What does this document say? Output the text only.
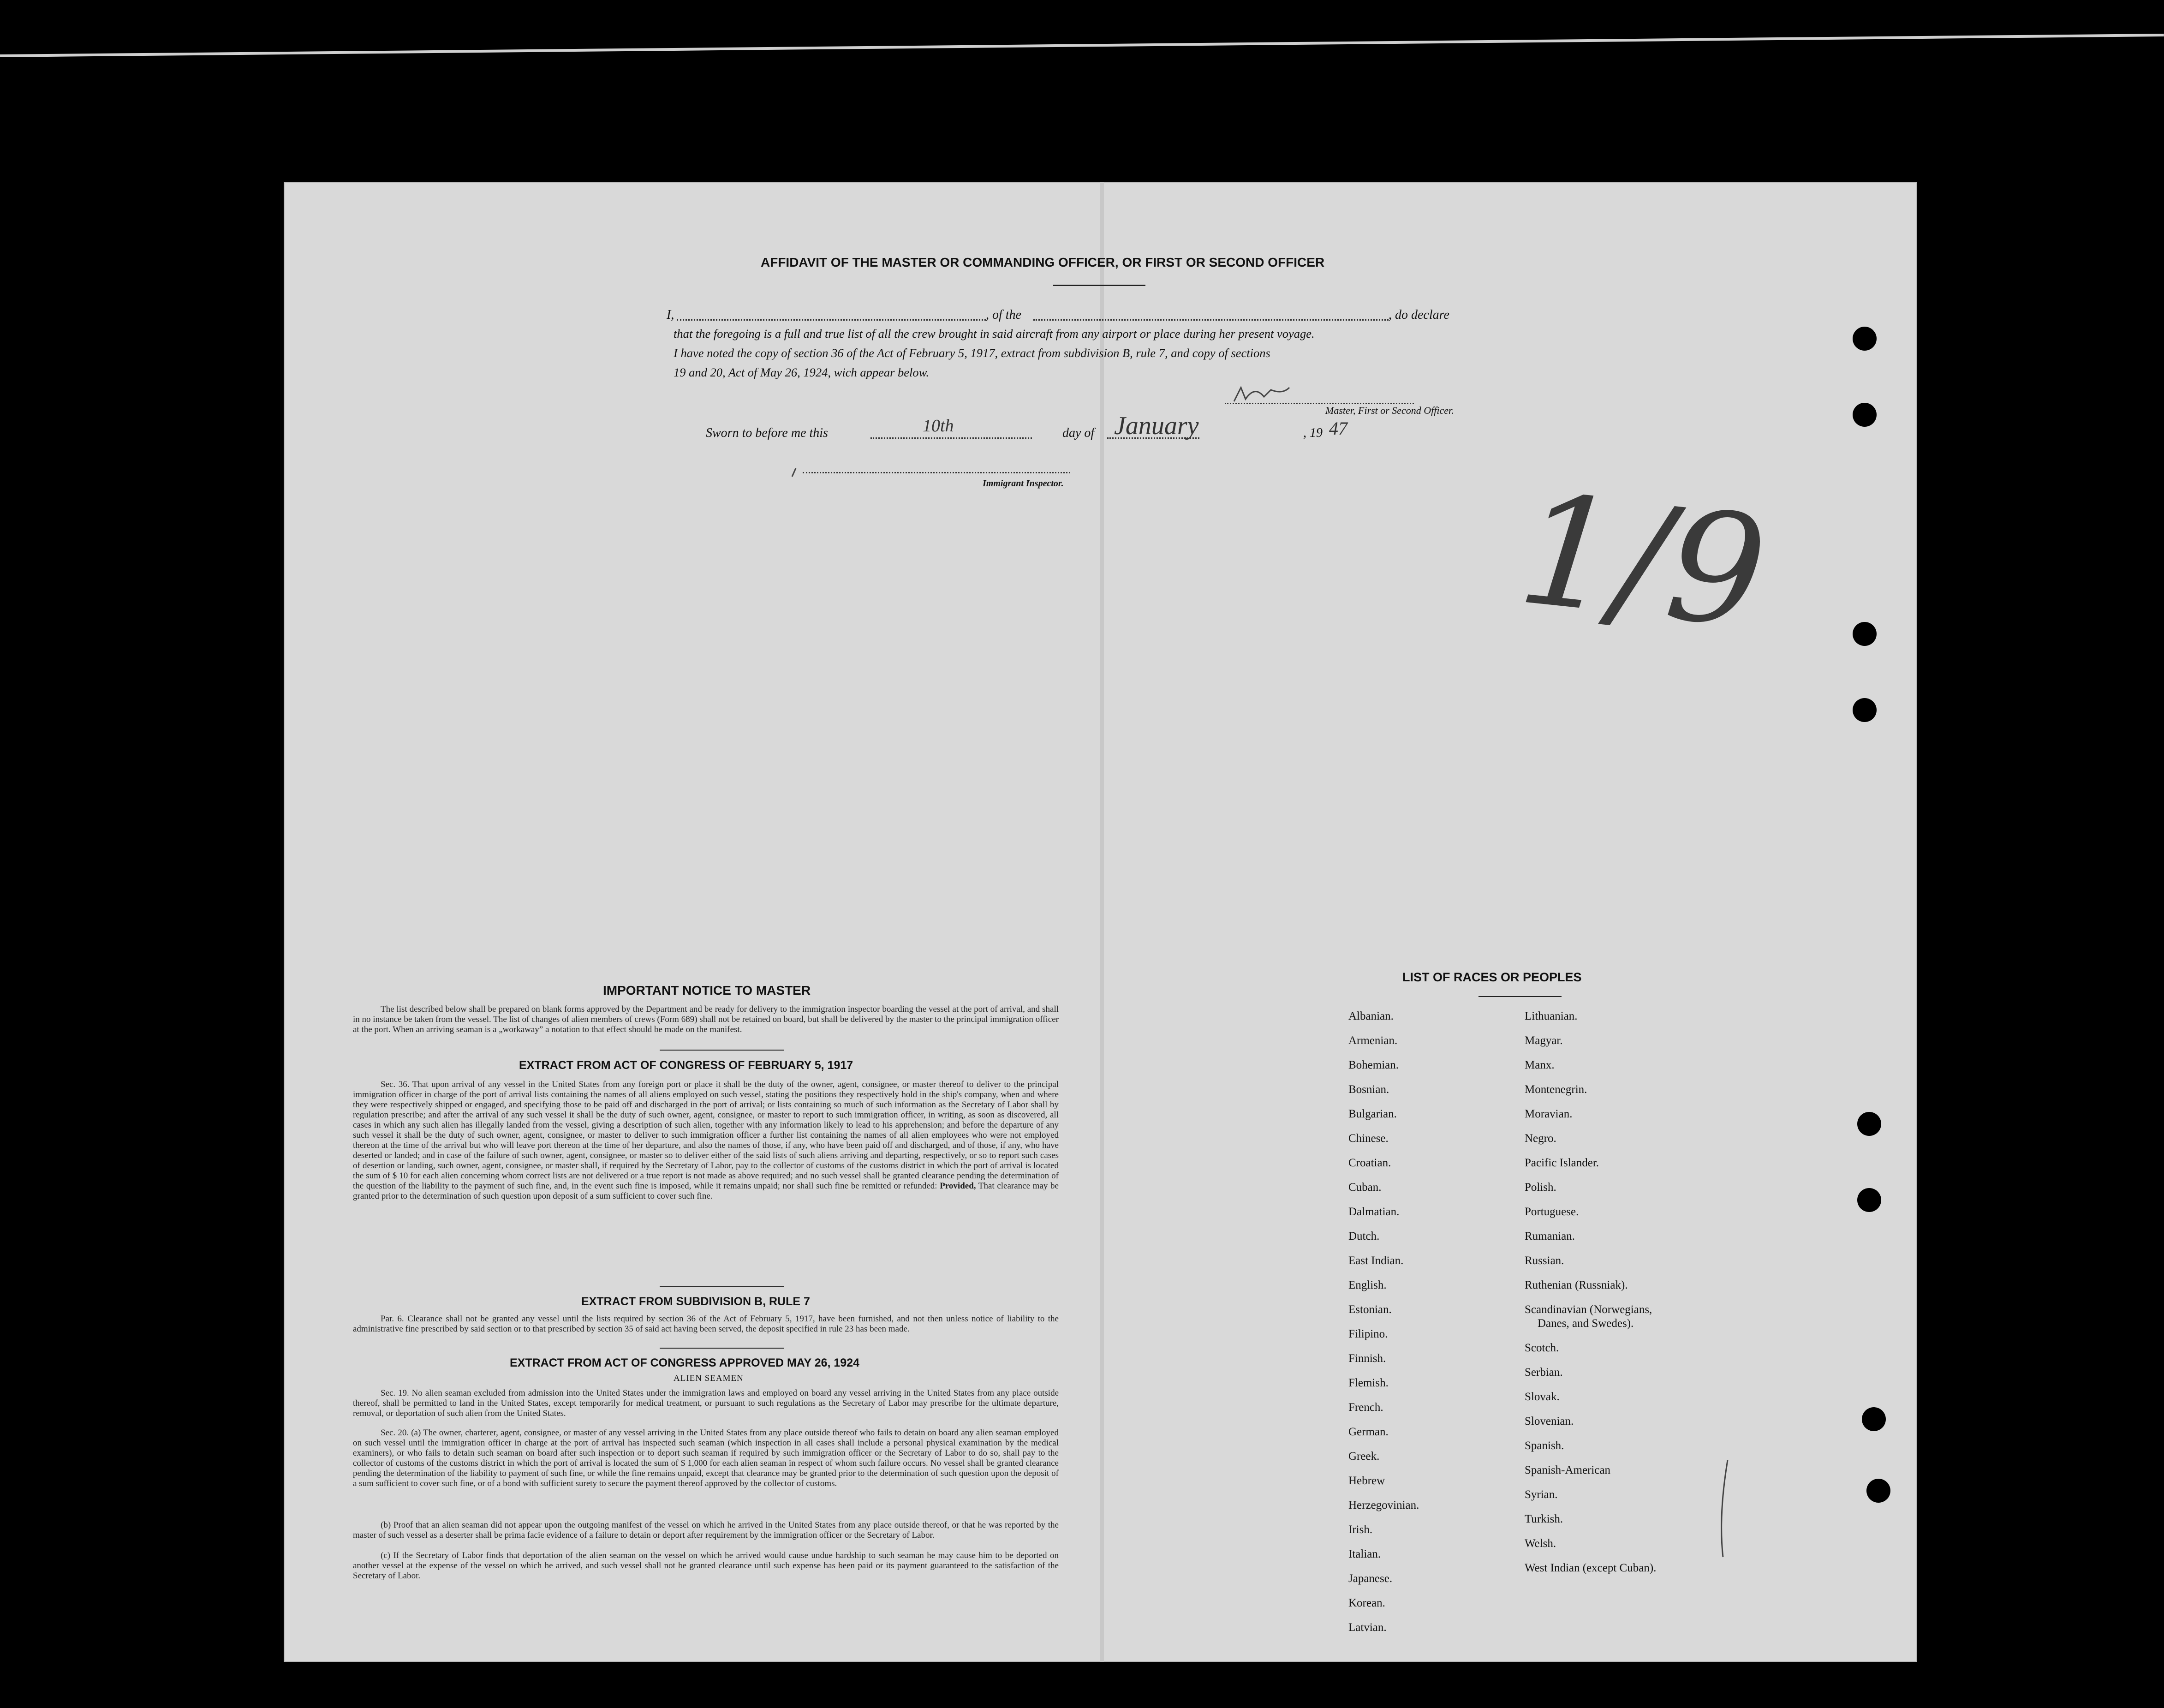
AFFIDAVIT OF THE MASTER OR COMMANDING OFFICER, OR FIRST OR SECOND OFFICER
I,	, of the	, do declare
that the foregoing is a full and true list of all the crew brought in said aircraft from any airport or place during her present voyage.
I have noted the copy of section 36 of the Act of February 5, 1917, extract from subdivision B, rule 7, and copy of sections
19 and 20, Act of May 26, 1924, wich appear below.
Master, First or Second Officer.
Sworn to before me this	10th	day of January	, 19 47
Immigrant Inspector.	1/9
IMPORTANT NOTICE TO MASTER
The list described below shall be prepared on blank forms approved by the Department and be ready for delivery to the immigration inspector boarding the vessel at the port of arrival, and shall in no instance be taken from the vessel. The list of changes of alien members of crews (Form 689) shall not be retained on board, but shall be delivered by the master to the principal immigration officer at the port. When an arriving seaman is a „workaway” a notation to that effect should be made on the manifest.
EXTRACT FROM ACT OF CONGRESS OF FEBRUARY 5, 1917
Sec. 36. That upon arrival of any vessel in the United States from any foreign port or place it shall be the duty of the owner, agent, consignee, or master thereof to deliver to the principal immigration officer in charge of the port of arrival lists containing the names of all aliens employed on such vessel, stating the positions they respectively hold in the ship's company, when and where they were respectively shipped or engaged, and specifying those to be paid off and discharged in the port of arrival; or lists containing so much of such information as the Secretary of Labor shall by regulation prescribe; and after the arrival of any such vessel it shall be the duty of such owner, agent, consignee, or master to report to such immigration officer, in writing, as soon as discovered, all cases in which any such alien has illegally landed from the vessel, giving a description of such alien, together with any information likely to lead to his apprehension; and before the departure of any such vessel it shall be the duty of such owner, agent, consignee, or master to deliver to such immigration officer a further list containing the names of all alien employees who were not employed thereon at the time of the arrival but who will leave port thereon at the time of her departure, and also the names of those, if any, who have been paid off and discharged, and of those, if any, who have deserted or landed; and in case of the failure of such owner, agent, consignee, or master so to deliver either of the said lists of such aliens arriving and departing, respectively, or so to report such cases of desertion or landing, such owner, agent, consignee, or master shall, if required by the Secretary of Labor, pay to the collector of customs of the customs district in which the port of arrival is located the sum of $ 10 for each alien concerning whom correct lists are not delivered or a true report is not made as above required; and no such vessel shall be granted clearance pending the determination of the question of the liability to the payment of such fine, and, in the event such fine is imposed, while it remains unpaid; nor shall such fine be remitted or refunded: Provided, That clearance may be granted prior to the determination of such question upon deposit of a sum sufficient to cover such fine.
EXTRACT FROM SUBDIVISION B, RULE 7
Par. 6. Clearance shall not be granted any vessel until the lists required by section 36 of the Act of February 5, 1917, have been furnished, and not then unless notice of liability to the administrative fine prescribed by said section or to that prescribed by section 35 of said act having been served, the deposit specified in rule 23 has been made.
EXTRACT FROM ACT OF CONGRESS APPROVED MAY 26, 1924
ALIEN SEAMEN
Sec. 19. No alien seaman excluded from admission into the United States under the immigration laws and employed on board any vessel arriving in the United States from any place outside thereof, shall be permitted to land in the United States, except temporarily for medical treatment, or pursuant to such regulations as the Secretary of Labor may prescribe for the ultimate departure, removal, or deportation of such alien from the United States.
Sec. 20. (a) The owner, charterer, agent, consignee, or master of any vessel arriving in the United States from any place outside thereof who fails to detain on board any alien seaman employed on such vessel until the immigration officer in charge at the port of arrival has inspected such seaman (which inspection in all cases shall include a personal physical examination by the medical examiners), or who fails to detain such seaman on board after such inspection or to deport such seaman if required by such immigration officer or the Secretary of Labor to do so, shall pay to the collector of customs of the customs district in which the port of arrival is located the sum of $ 1,000 for each alien seaman in respect of whom such failure occurs. No vessel shall be granted clearance pending the determination of the liability to payment of such fine, or while the fine remains unpaid, except that clearance may be granted prior to the determination of such question upon the deposit of a sum sufficient to cover such fine, or of a bond with sufficient surety to secure the payment thereof approved by the collector of customs.
(b) Proof that an alien seaman did not appear upon the outgoing manifest of the vessel on which he arrived in the United States from any place outside thereof, or that he was reported by the master of such vessel as a deserter shall be prima facie evidence of a failure to detain or deport after requirement by the immigration officer or the Secretary of Labor.
(c) If the Secretary of Labor finds that deportation of the alien seaman on the vessel on which he arrived would cause undue hardship to such seaman he may cause him to be deported on another vessel at the expense of the vessel on which he arrived, and such vessel shall not be granted clearance until such expense has been paid or its payment guaranteed to the satisfaction of the Secretary of Labor.
LIST OF RACES OR PEOPLES
Albanian.
Armenian.
Bohemian.
Bosnian.
Bulgarian.
Chinese.
Croatian.
Cuban.
Dalmatian.
Dutch.
East Indian.
English.
Estonian.
Filipino.
Finnish.
Flemish.
French.
German.
Greek.
Hebrew
Herzegovinian.
Irish.
Italian.
Japanese.
Korean.
Latvian.
Lithuanian.
Magyar.
Manx.
Montenegrin.
Moravian.
Negro.
Pacific Islander.
Polish.
Portuguese.
Rumanian.
Russian.
Ruthenian (Russniak).
Scandinavian (Norwegians,
Danes, and Swedes).
Scotch.
Serbian.
Slovak.
Slovenian.
Spanish.
Spanish-American
Syrian.
Turkish.
Welsh.
West Indian (except Cuban).
